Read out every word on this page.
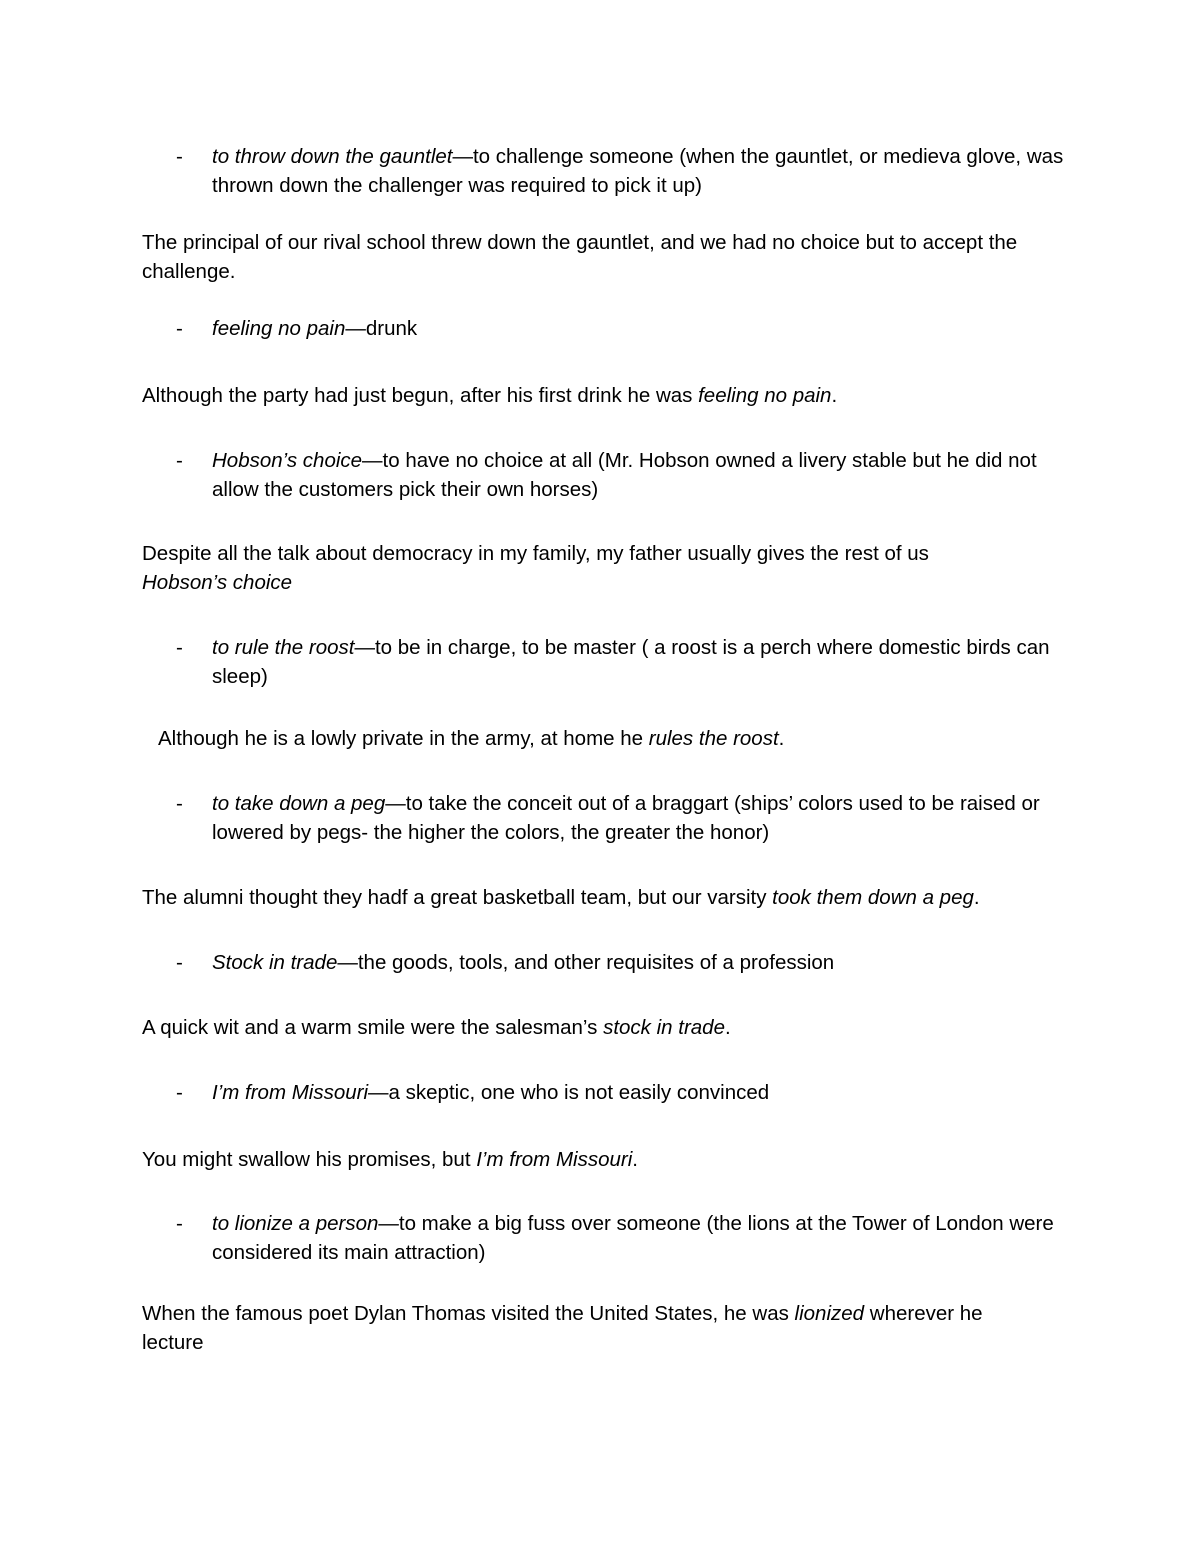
- to throw down the gauntlet—to challenge someone (when the gauntlet, or medieva glove, was thrown down the challenger was required to pick it up)
The principal of our rival school threw down the gauntlet, and we had no choice but to accept the challenge.
- feeling no pain—drunk
Although the party had just begun, after his first drink he was feeling no pain.
- Hobson’s choice—to have no choice at all (Mr. Hobson owned a livery stable but he did not allow the customers pick their own horses)
Despite all the talk about democracy in my family, my father usually gives the rest of us Hobson’s choice
- to rule the roost—to be in charge, to be master ( a roost is a perch where domestic birds can sleep)
Although he is a lowly private in the army, at home he rules the roost.
- to take down a peg—to take the conceit out of a braggart (ships’ colors used to be raised or lowered by pegs- the higher the colors, the greater the honor)
The alumni thought they hadf a great basketball team, but our varsity took them down a peg.
- Stock in trade—the goods, tools, and other requisites of a profession
A quick wit and a warm smile were the salesman’s stock in trade.
- I’m from Missouri—a skeptic, one who is not easily convinced
You might swallow his promises, but I’m from Missouri.
- to lionize a person—to make a big fuss over someone (the lions at the Tower of London were considered its main attraction)
When the famous poet Dylan Thomas visited the United States, he was lionized wherever he lecture
